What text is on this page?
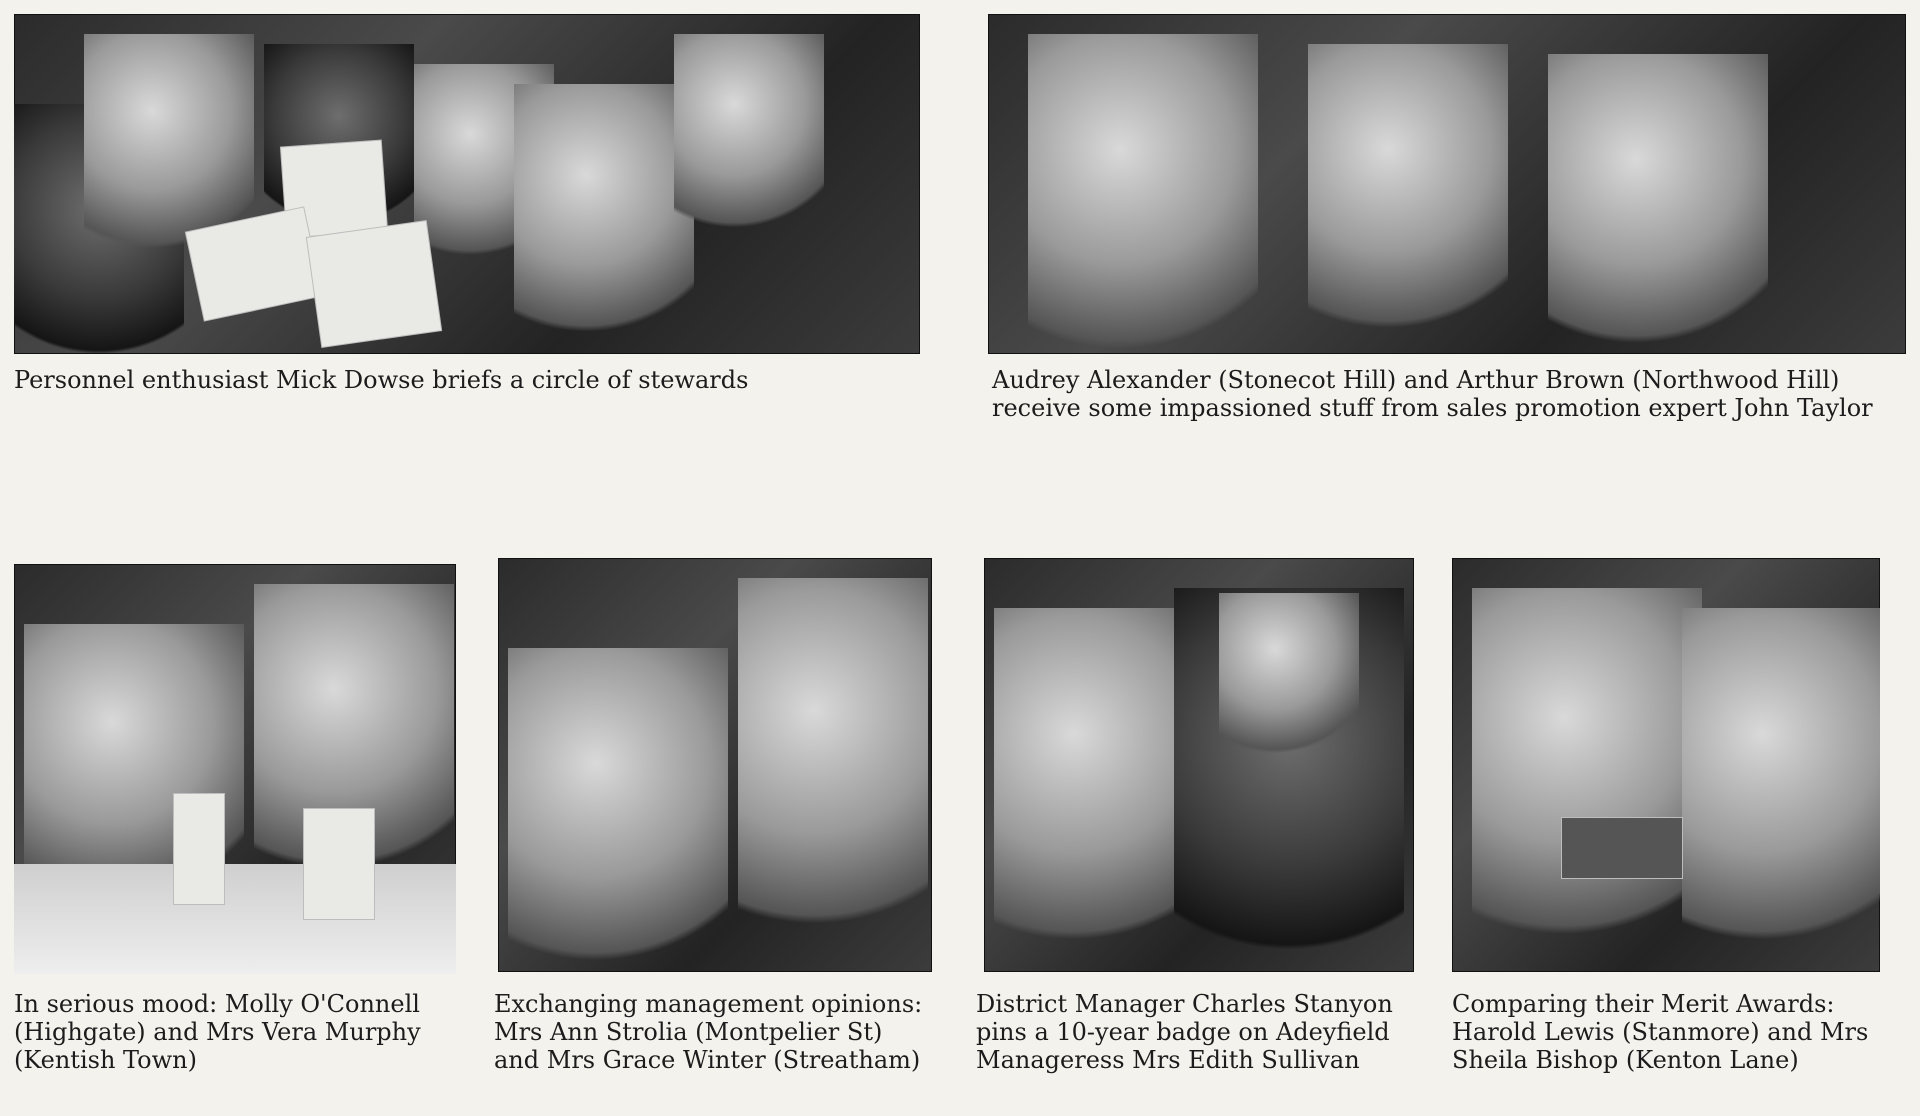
Personnel enthusiast Mick Dowse briefs a circle of stewards	Audrey Alexander (Stonecot Hill) and Arthur Brown (Northwood Hill) receive some impassioned stuff from sales promotion expert John Taylor

In serious mood: Molly O'Connell (Highgate) and Mrs Vera Murphy (Kentish Town)

Exchanging management opinions: Mrs Ann Strolia (Montpelier St) and Mrs Grace Winter (Streatham)

District Manager Charles Stanyon pins a 10-year badge on Adeyfield Manageress Mrs Edith Sullivan

Comparing their Merit Awards: Harold Lewis (Stanmore) and Mrs Sheila Bishop (Kenton Lane)
